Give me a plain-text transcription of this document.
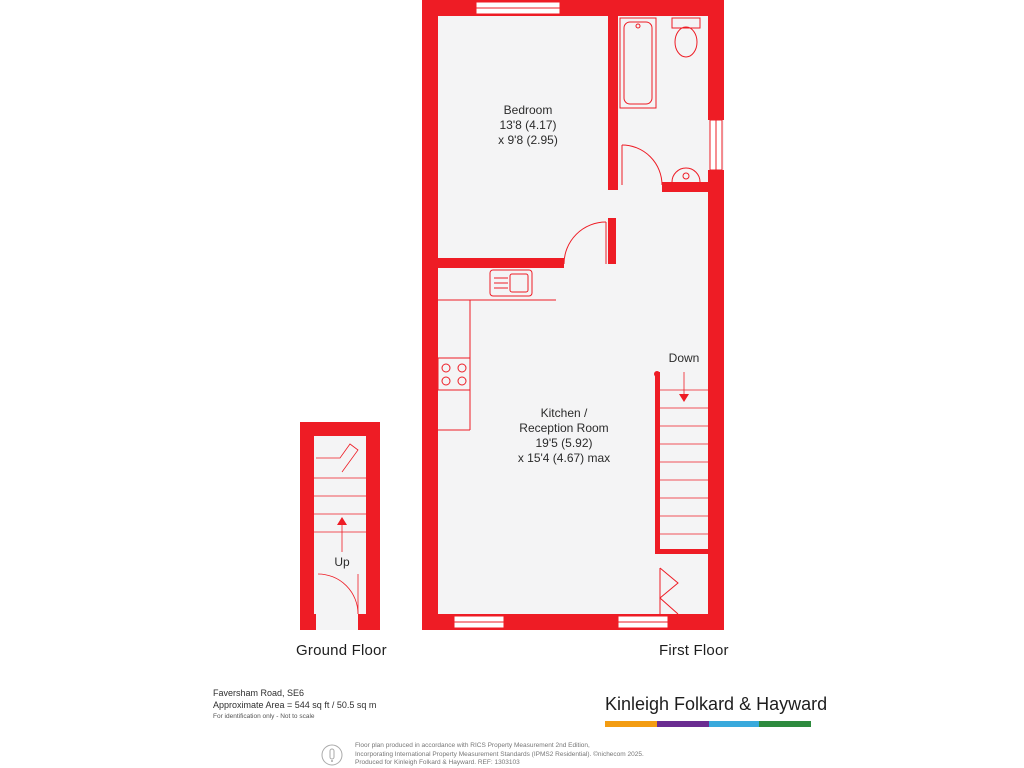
Bedroom
13'8 (4.17)
x 9'8 (2.95)
Kitchen /
Reception Room
19'5 (5.92)
x 15'4 (4.67) max
Down
Up
Ground Floor	First Floor
Faversham Road, SE6
Approximate Area = 544 sq ft / 50.5 sq m
For identification only - Not to scale
Kinleigh Folkard & Hayward
Floor plan produced in accordance with RICS Property Measurement 2nd Edition,
Incorporating International Property Measurement Standards (IPMS2 Residential). ©nichecom 2025.
Produced for Kinleigh Folkard & Hayward. REF: 1303103
